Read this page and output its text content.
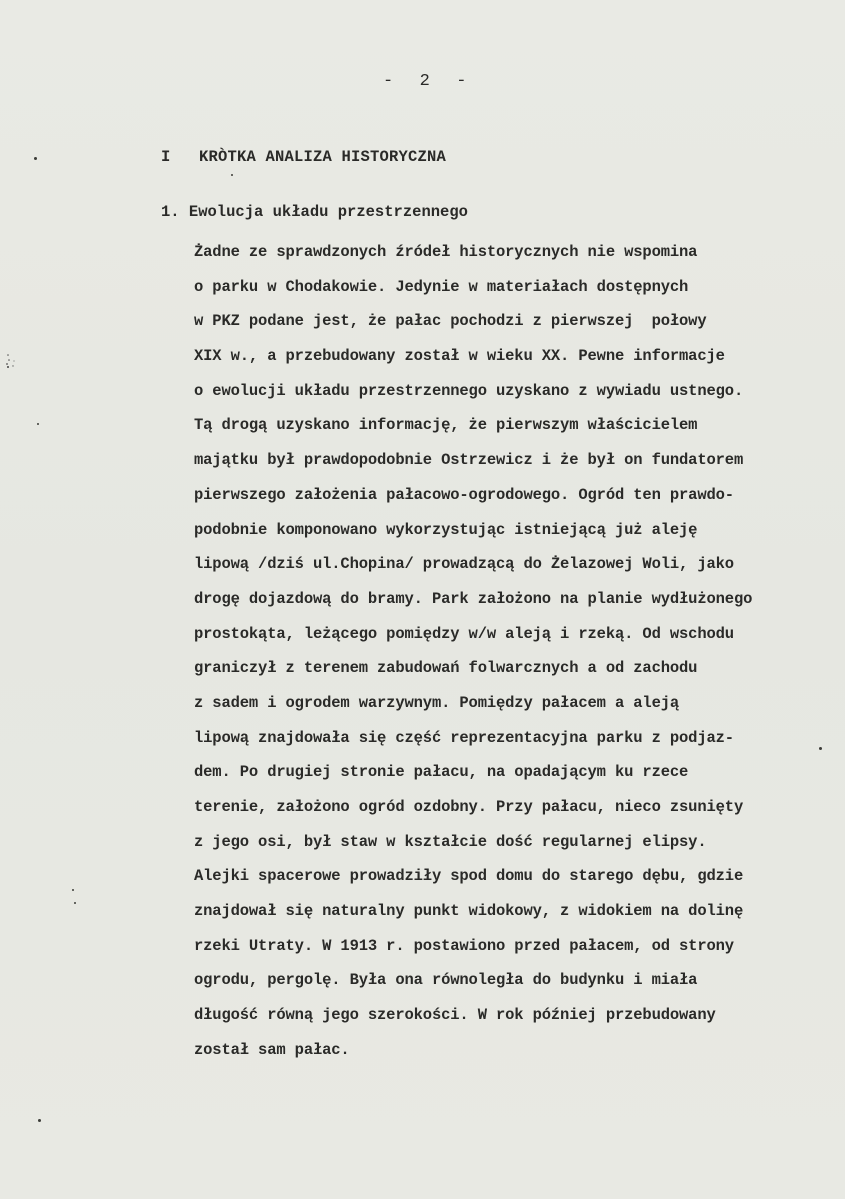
-  2  -
I   KRÒTKA ANALIZA HISTORYCZNA
1. Ewolucja układu przestrzennego
Żadne ze sprawdzonych źródeł historycznych nie wspomina
o parku w Chodakowie. Jedynie w materiałach dostępnych
w PKZ podane jest, że pałac pochodzi z pierwszej  połowy
XIX w., a przebudowany został w wieku XX. Pewne informacje
o ewolucji układu przestrzennego uzyskano z wywiadu ustnego.
Tą drogą uzyskano informację, że pierwszym właścicielem
majątku był prawdopodobnie Ostrzewicz i że był on fundatorem
pierwszego założenia pałacowo-ogrodowego. Ogród ten prawdo-
podobnie komponowano wykorzystując istniejącą już aleję
lipową /dziś ul.Chopina/ prowadzącą do Żelazowej Woli, jako
drogę dojazdową do bramy. Park założono na planie wydłużonego
prostokąta, leżącego pomiędzy w/w aleją i rzeką. Od wschodu
graniczył z terenem zabudowań folwarcznych a od zachodu
z sadem i ogrodem warzywnym. Pomiędzy pałacem a aleją
lipową znajdowała się część reprezentacyjna parku z podjaz-
dem. Po drugiej stronie pałacu, na opadającym ku rzece
terenie, założono ogród ozdobny. Przy pałacu, nieco zsunięty
z jego osi, był staw w kształcie dość regularnej elipsy.
Alejki spacerowe prowadziły spod domu do starego dębu, gdzie
znajdował się naturalny punkt widokowy, z widokiem na dolinę
rzeki Utraty. W 1913 r. postawiono przed pałacem, od strony
ogrodu, pergolę. Była ona równoległa do budynku i miała
długość równą jego szerokości. W rok później przebudowany
został sam pałac.
